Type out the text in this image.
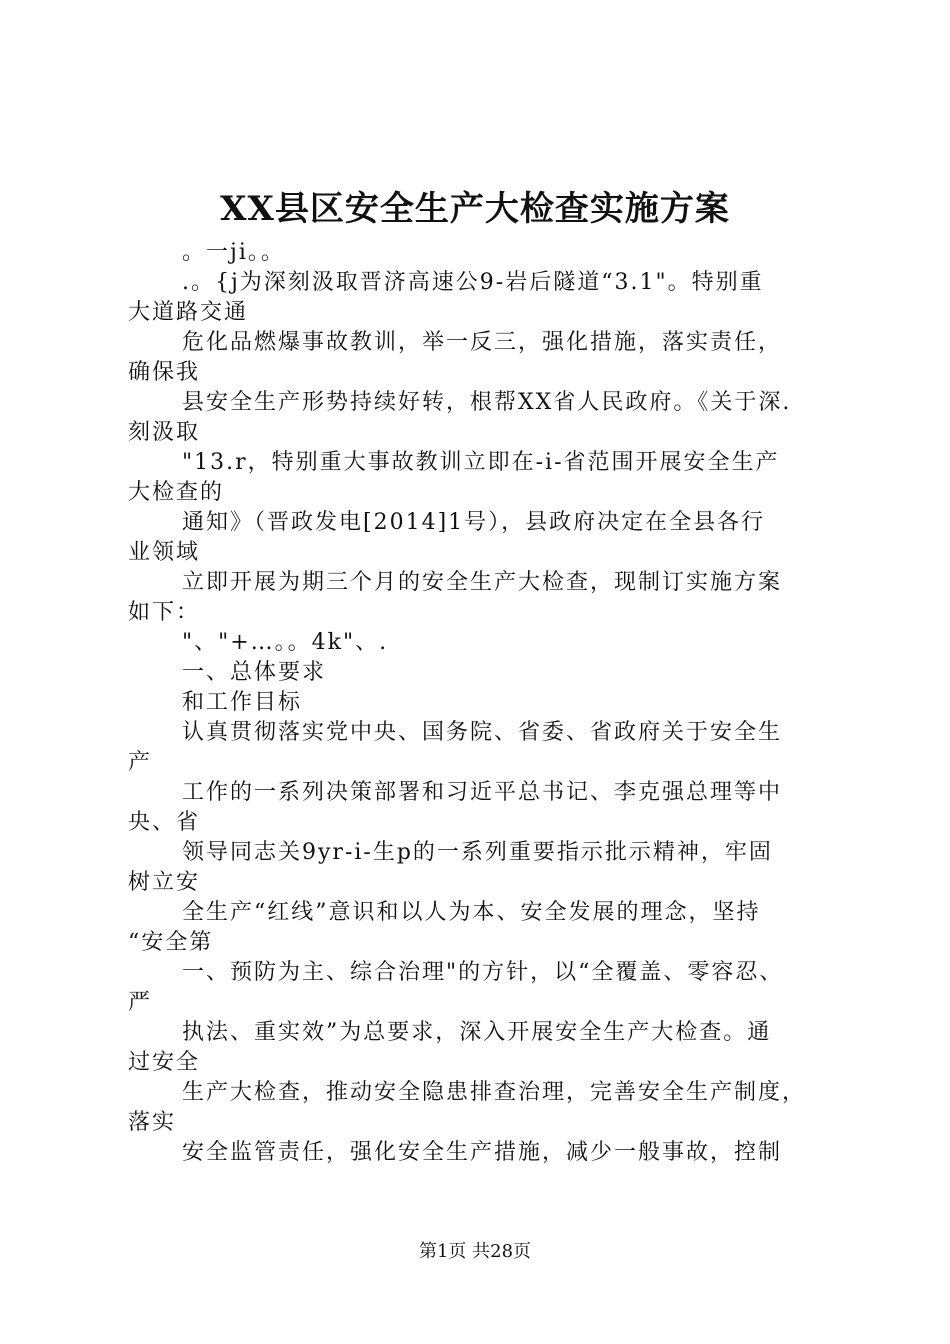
XX县区安全生产大检查实施方案
。一ji。。
.。{j为深刻汲取晋济高速公9-岩后隧道“3.1"。特别重
大道路交通
危化品燃爆事故教训，举一反三，强化措施，落实责任，
确保我
县安全生产形势持续好转，根帮XX省人民政府。《关于深.
刻汲取
"13.r，特别重大事故教训立即在-i-省范围开展安全生产
大检查的
通知》（晋政发电[2014]1号），县政府决定在全县各行
业领域
立即开展为期三个月的安全生产大检查，现制订实施方案
如下：
"、"+…。。4k"、.
一、总体要求
和工作目标
认真贯彻落实党中央、国务院、省委、省政府关于安全生
产
工作的一系列决策部署和习近平总书记、李克强总理等中
央、省
领导同志关9yr-i-生p的一系列重要指示批示精神，牢固
树立安
全生产“红线”意识和以人为本、安全发展的理念，坚持
“安全第
一、预防为主、综合治理"的方针，以“全覆盖、零容忍、
严
执法、重实效”为总要求，深入开展安全生产大检查。通
过安全
生产大检查，推动安全隐患排查治理，完善安全生产制度，
落实
安全监管责任，强化安全生产措施，减少一般事故，控制
第1页 共28页
